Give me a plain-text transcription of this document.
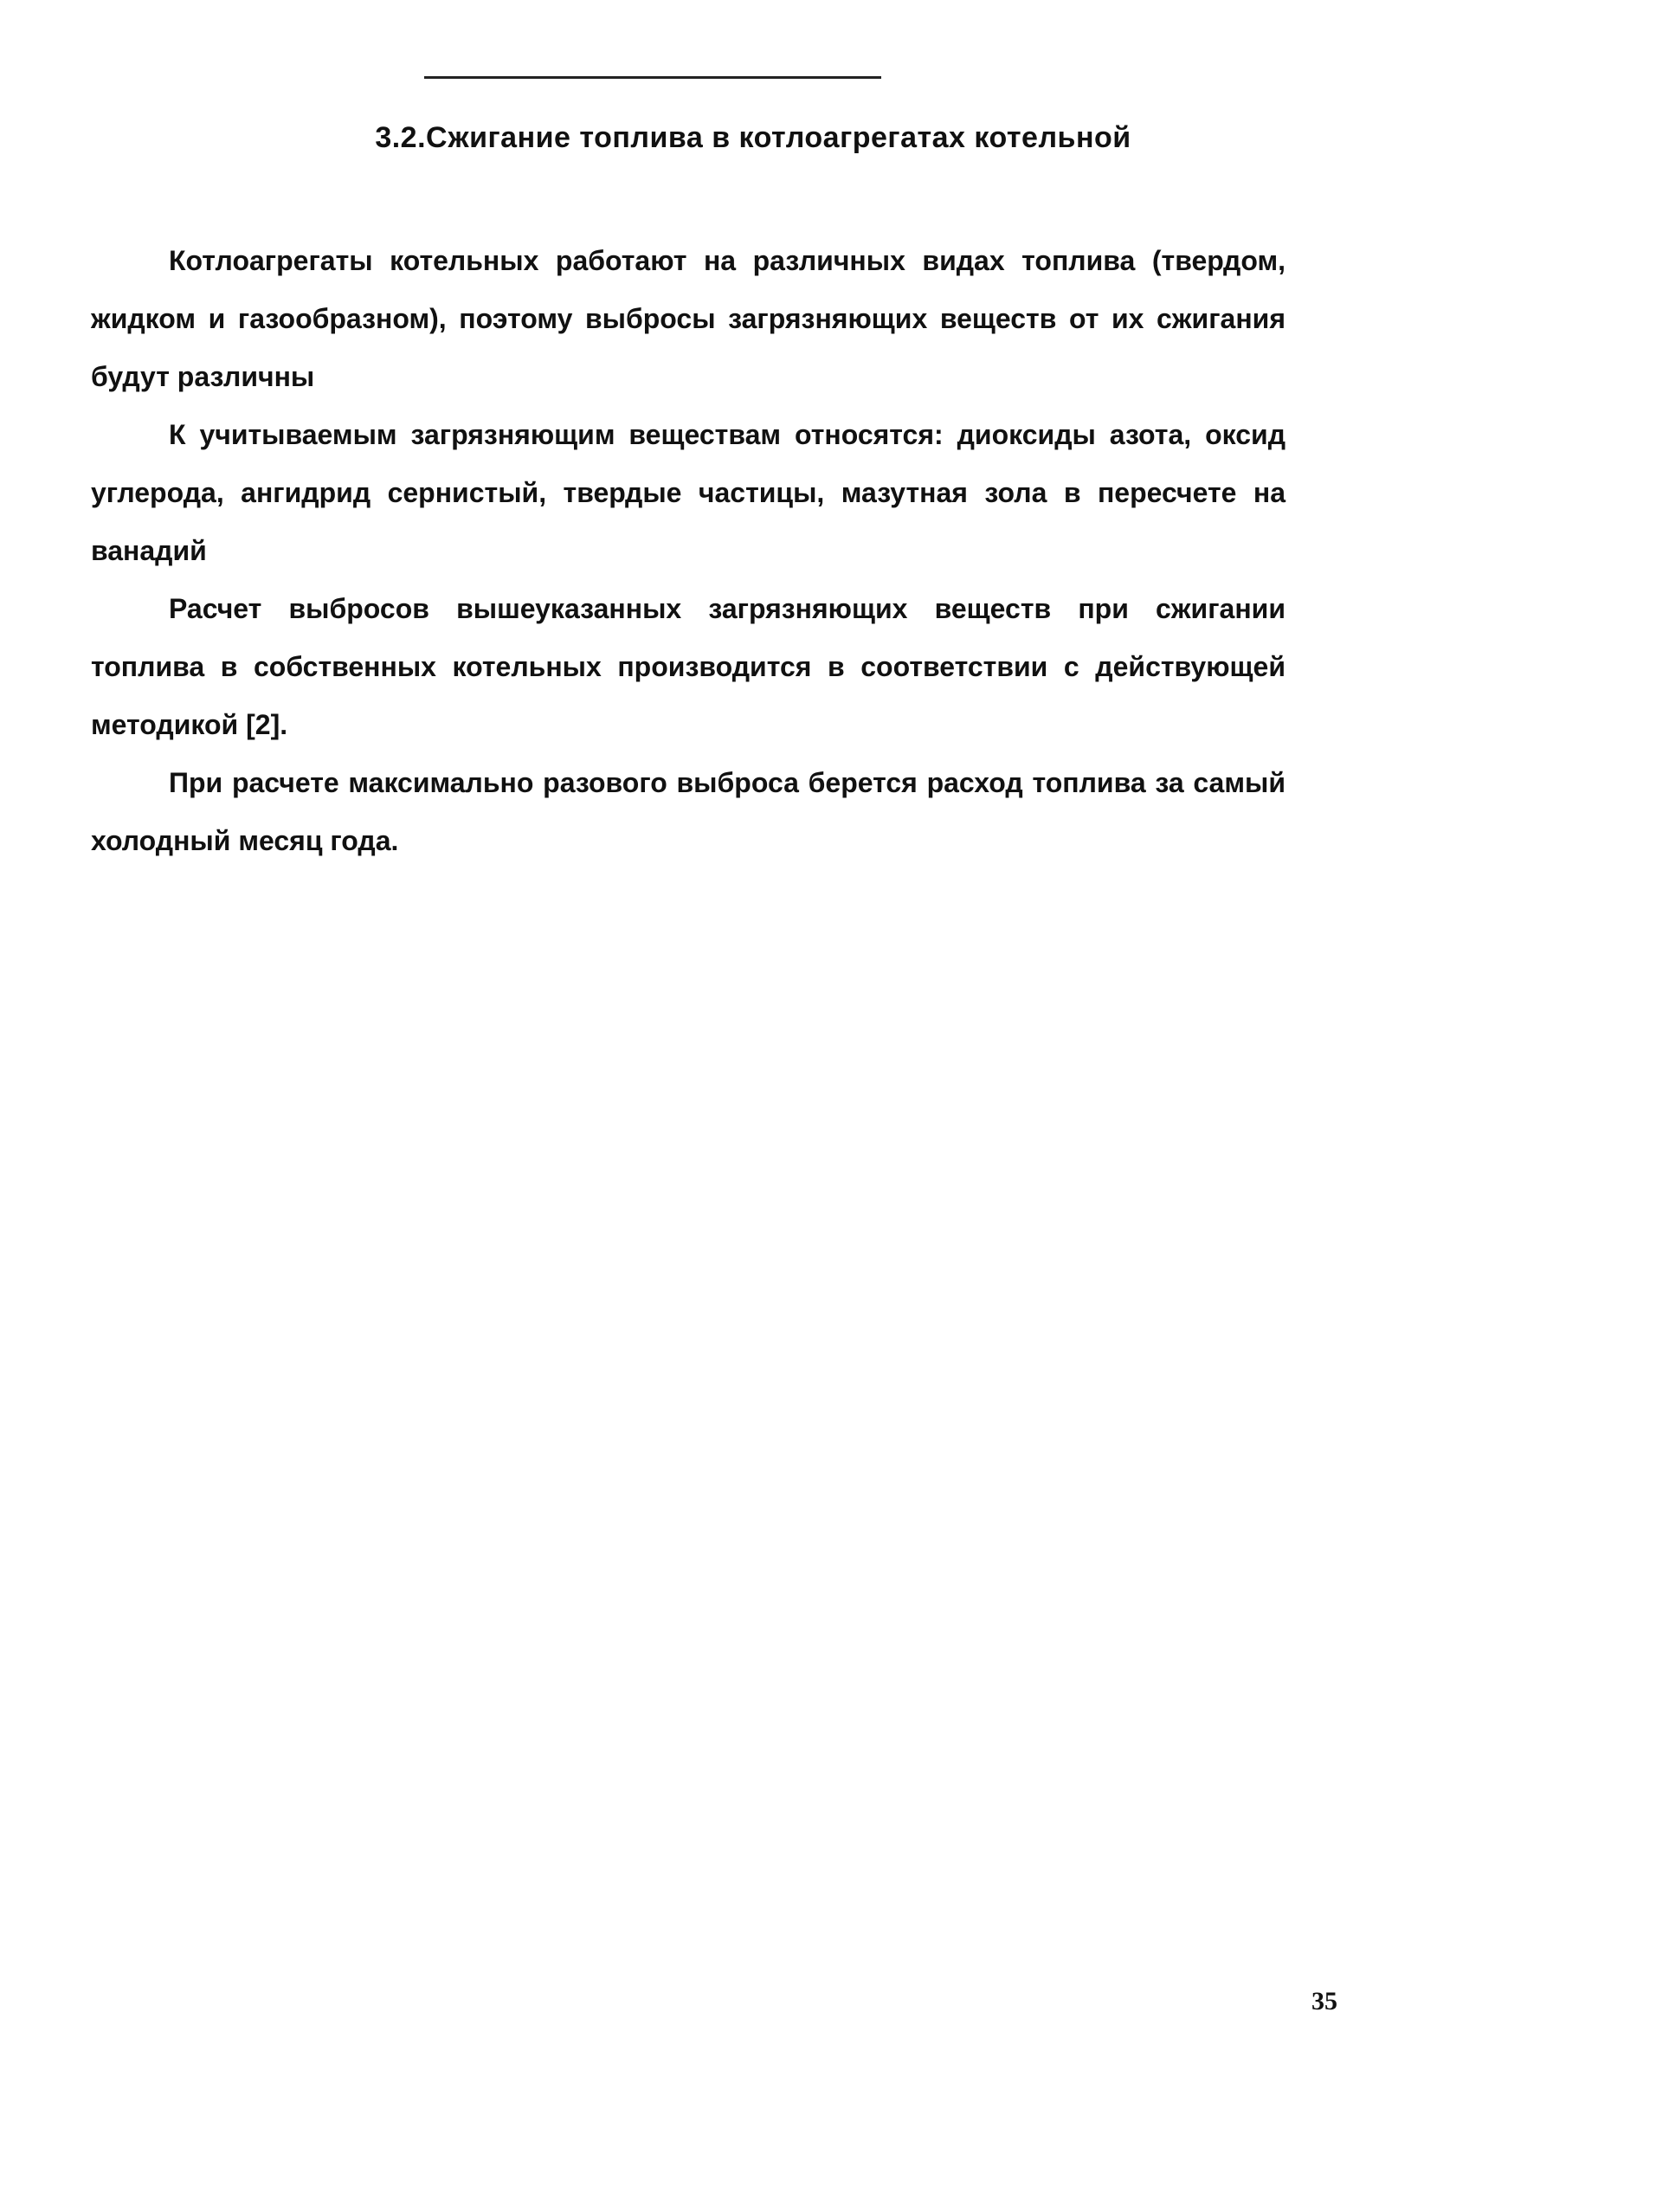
3.2.Сжигание топлива в котлоагрегатах котельной

Котлоагрегаты котельных работают на различных видах топлива (твердом, жидком и газообразном), поэтому выбросы загрязняющих веществ от их сжигания будут различны

К учитываемым загрязняющим веществам относятся: диоксиды азота, оксид углерода, ангидрид сернистый, твердые частицы, мазутная зола в пересчете на ванадий

Расчет выбросов вышеуказанных загрязняющих веществ при сжигании топлива в собственных котельных производится в соответствии с действующей методикой [2].

При расчете максимально разового выброса берется расход топлива за самый холодный месяц года.

35
